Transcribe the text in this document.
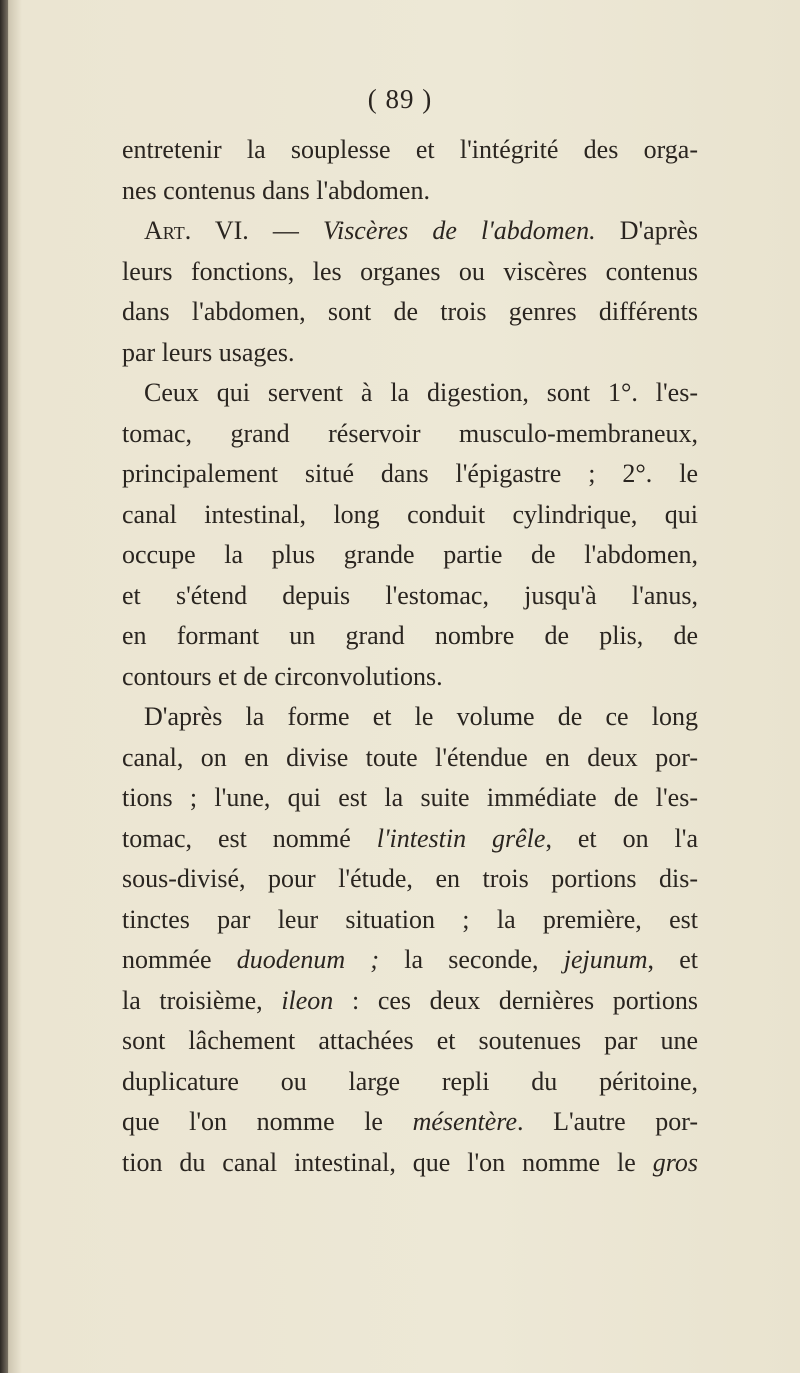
( 89 )
entretenir la souplesse et l'intégrité des orga-
nes contenus dans l'abdomen.
Art. VI. — Viscères de l'abdomen. D'après
leurs fonctions, les organes ou viscères contenus
dans l'abdomen, sont de trois genres différents
par leurs usages.
Ceux qui servent à la digestion, sont 1°. l'es-
tomac, grand réservoir musculo-membraneux,
principalement situé dans l'épigastre ; 2°. le
canal intestinal, long conduit cylindrique, qui
occupe la plus grande partie de l'abdomen,
et s'étend depuis l'estomac, jusqu'à l'anus,
en formant un grand nombre de plis, de
contours et de circonvolutions.
D'après la forme et le volume de ce long
canal, on en divise toute l'étendue en deux por-
tions ; l'une, qui est la suite immédiate de l'es-
tomac, est nommé l'intestin grêle, et on l'a
sous-divisé, pour l'étude, en trois portions dis-
tinctes par leur situation ; la première, est
nommée duodenum ; la seconde, jejunum, et
la troisième, ileon : ces deux dernières portions
sont lâchement attachées et soutenues par une
duplicature ou large repli du péritoine,
que l'on nomme le mésentère. L'autre por-
tion du canal intestinal, que l'on nomme le gros
